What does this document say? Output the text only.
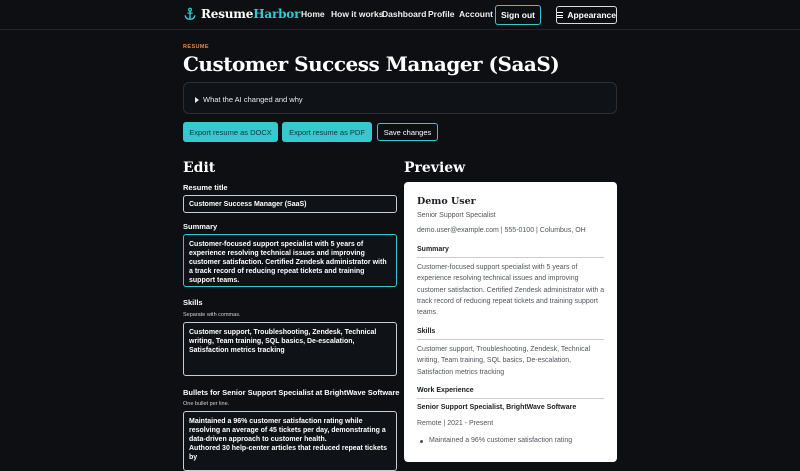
ResumeHarbor Home How it works
Dashboard Profile Account Sign out	Appearance
RESUME
Customer Success Manager (SaaS)
What the AI changed and why
Export resume as DOCX	Export resume as PDF	Save changes
Edit
Resume title
Customer Success Manager (SaaS)
Summary
Customer-focused support specialist with 5 years of experience resolving technical issues and improving customer satisfaction. Certified Zendesk administrator with a track record of reducing repeat tickets and training support teams.
Skills
Separate with commas.
Customer support, Troubleshooting, Zendesk, Technical writing, Team training, SQL basics, De-escalation, Satisfaction metrics tracking
Bullets for Senior Support Specialist at BrightWave Software
One bullet per line.
Maintained a 96% customer satisfaction rating while resolving an average of 45 tickets per day, demonstrating a data-driven approach to customer health.
Authored 30 help-center articles that reduced repeat tickets by
Preview
Demo User
Senior Support Specialist
demo.user@example.com | 555-0100 | Columbus, OH
Summary
Customer-focused support specialist with 5 years of experience resolving technical issues and improving customer satisfaction. Certified Zendesk administrator with a track record of reducing repeat tickets and training support teams.
Skills
Customer support, Troubleshooting, Zendesk, Technical writing, Team training, SQL basics, De-escalation, Satisfaction metrics tracking
Work Experience
Senior Support Specialist, BrightWave Software
Remote | 2021 - Present
Maintained a 96% customer satisfaction rating
